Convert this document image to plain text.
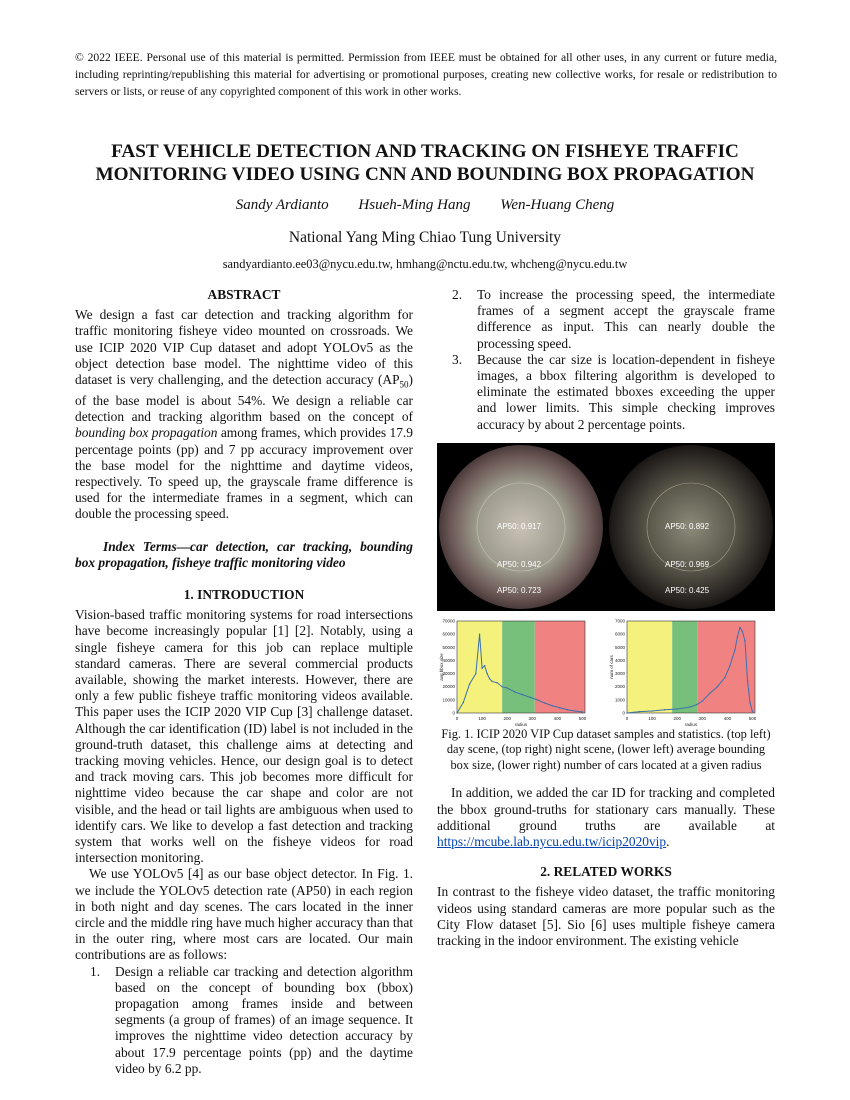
© 2022 IEEE. Personal use of this material is permitted. Permission from IEEE must be obtained for all other uses, in any current or future media, including reprinting/republishing this material for advertising or promotional purposes, creating new collective works, for resale or redistribution to servers or lists, or reuse of any copyrighted component of this work in other works.
FAST VEHICLE DETECTION AND TRACKING ON FISHEYE TRAFFIC MONITORING VIDEO USING CNN AND BOUNDING BOX PROPAGATION
Sandy Ardianto Hsueh-Ming Hang Wen-Huang Cheng
National Yang Ming Chiao Tung University
sandyardianto.ee03@nycu.edu.tw, hmhang@nctu.edu.tw, whcheng@nycu.edu.tw

ABSTRACT

We design a fast car detection and tracking algorithm for traffic monitoring fisheye video mounted on crossroads. We use ICIP 2020 VIP Cup dataset and adopt YOLOv5 as the object detection base model. The nighttime video of this dataset is very challenging, and the detection accuracy $(AP_{50})$ of the base model is about 54%. We design a reliable car detection and tracking algorithm based on the concept of bounding box propagation among frames, which provides 17.9 percentage points (pp) and 7 pp accuracy improvement over the base model for the nighttime and daytime videos, respectively. To speed up, the grayscale frame difference is used for the intermediate frames in a segment, which can double the processing speed.

Index Terms—car detection, car tracking, bounding box propagation, fisheye traffic monitoring video

1. INTRODUCTION

Vision-based traffic monitoring systems for road intersections have become increasingly popular [1] [2]. Notably, using a single fisheye camera for this job can replace multiple standard cameras. There are several commercial products available, showing the market interests. However, there are only a few public fisheye traffic monitoring videos available. This paper uses the ICIP 2020 VIP Cup [3] challenge dataset. Although the car identification (ID) label is not included in the ground-truth dataset, this challenge aims at detecting and tracking moving vehicles. Hence, our design goal is to detect and track moving cars. This job becomes more difficult for nighttime video because the car shape and color are not visible, and the head or tail lights are ambiguous when used to identify cars. We like to develop a fast detection and tracking system that works well on the fisheye videos for road intersection monitoring.

We use YOLOv5 [4] as our base object detector. In Fig. 1. we include the YOLOv5 detection rate (AP50) in each region in both night and day scenes. The cars located in the inner circle and the middle ring have much higher accuracy than that in the outer ring, where most cars are located. Our main contributions are as follows:

1. Design a reliable car tracking and detection algorithm based on the concept of bounding box (bbox) propagation among frames inside and between segments (a group of frames) of an image sequence. It improves the nighttime video detection accuracy by about 17.9 percentage points (pp) and the daytime video by 6.2 pp.
2. To increase the processing speed, the intermediate frames of a segment accept the grayscale frame difference as input. This can nearly double the processing speed.
3. Because the car size is location-dependent in fisheye images, a bbox filtering algorithm is developed to eliminate the estimated bboxes exceeding the upper and lower limits. This simple checking improves accuracy by about 2 percentage points.
AP50: 0.917
AP50: 0.942
AP50: 0.723
AP50: 0.892
AP50: 0.969
AP50: 0.425
0	100	200	300	400	500
0
10000
20000
30000
40000
50000
60000
70000
radius
avg bbox size
0	100	200	300	400	500
0
1000
2000
3000
4000
5000
6000
7000
radius
num of cars
Fig. 1. ICIP 2020 VIP Cup dataset samples and statistics. (top left) day scene, (top right) night scene, (lower left) average bounding box size, (lower right) number of cars located at a given radius

In addition, we added the car ID for tracking and completed the bbox ground-truths for stationary cars manually. These additional ground truths are available at https://mcube.lab.nycu.edu.tw/icip2020vip.

2. RELATED WORKS

In contrast to the fisheye video dataset, the traffic monitoring videos using standard cameras are more popular such as the City Flow dataset [5]. Sio [6] uses multiple fisheye camera tracking in the indoor environment. The existing vehicle
